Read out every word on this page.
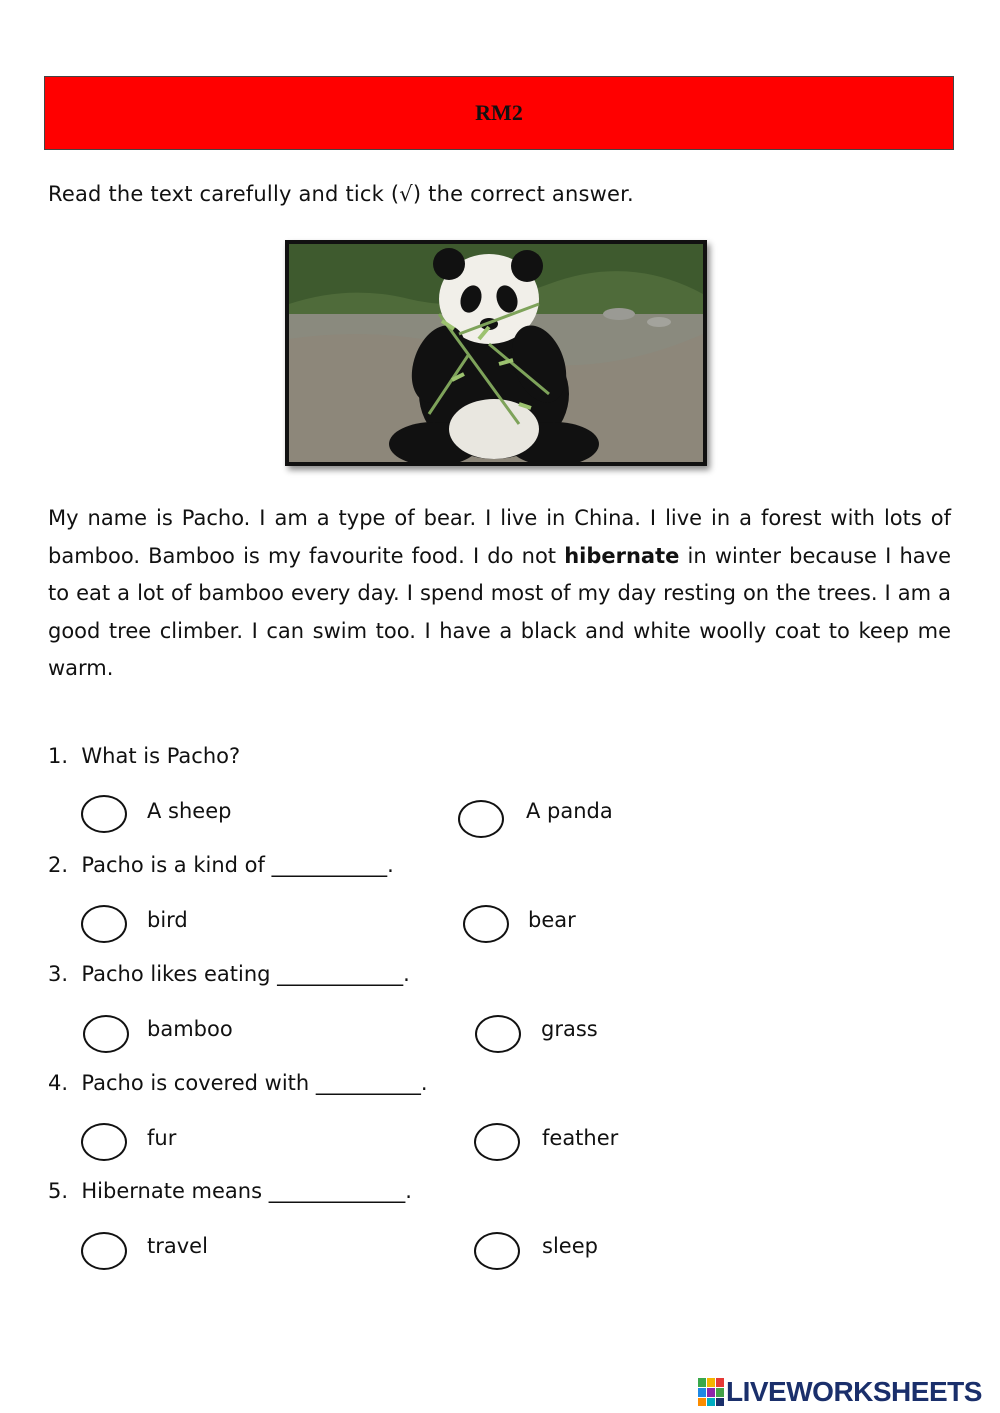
RM2
Read the text carefully and tick (√) the correct answer.
My name is Pacho. I am a type of bear. I live in China. I live in a forest with lots of bamboo. Bamboo is my favourite food. I do not hibernate in winter because I have to eat a lot of bamboo every day. I spend most of my day resting on the trees. I am a good tree climber. I can swim too. I have a black and white woolly coat to keep me warm.
1.  What is Pacho?
A sheep	A panda
2.  Pacho is a kind of ___________.
bird	bear
3.  Pacho likes eating ____________.
bamboo	grass
4.  Pacho is covered with __________.
fur	feather
5.  Hibernate means _____________.
travel	sleep
LIVEWORKSHEETS
